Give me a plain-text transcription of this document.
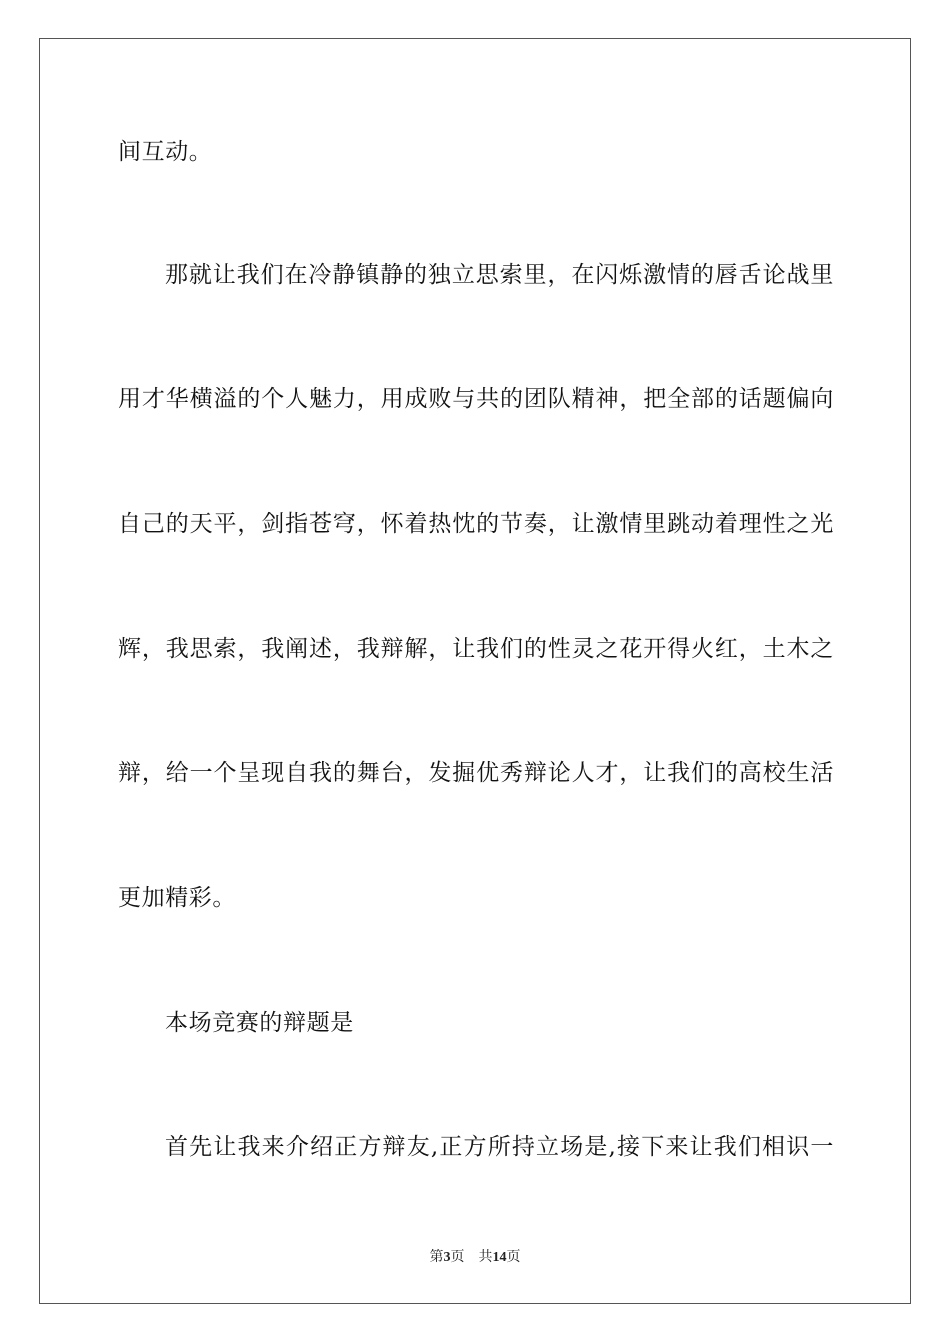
间互动。
那就让我们在冷静镇静的独立思索里，在闪烁激情的唇舌论战里
用才华横溢的个人魅力，用成败与共的团队精神，把全部的话题偏向
自己的天平，剑指苍穹，怀着热忱的节奏，让激情里跳动着理性之光
辉，我思索，我阐述，我辩解，让我们的性灵之花开得火红，土木之
辩，给一个呈现自我的舞台，发掘优秀辩论人才，让我们的高校生活
更加精彩。
本场竞赛的辩题是
首先让我来介绍正方辩友,正方所持立场是,接下来让我们相识一
第3页 共14页
